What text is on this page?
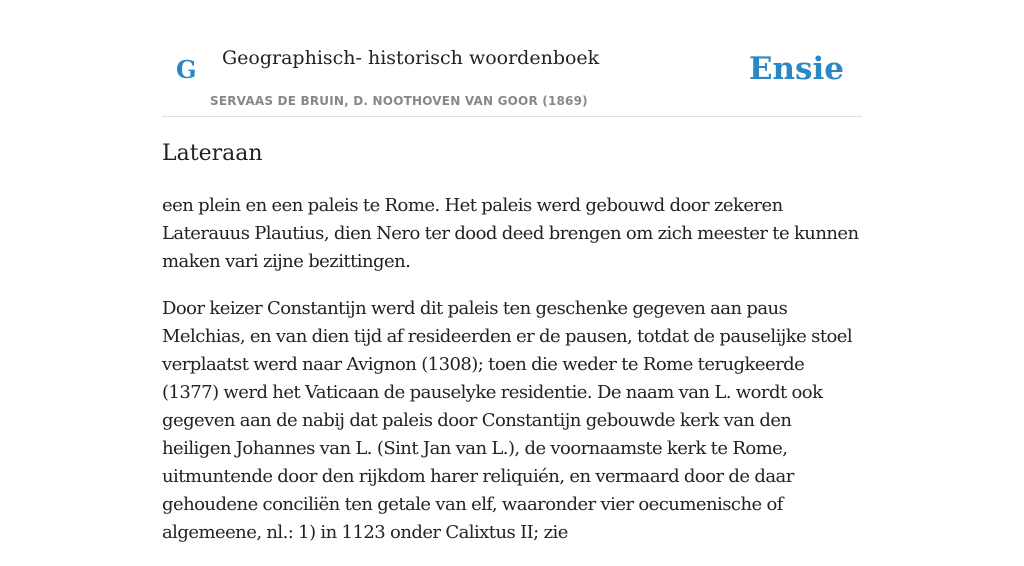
G Geographisch- historisch woordenboek
SERVAAS DE BRUIN, D. NOOTHOVEN VAN GOOR (1869)
Ensie
Lateraan

een plein en een paleis te Rome. Het paleis werd gebouwd door zekeren Laterauus Plautius, dien Nero ter dood deed brengen om zich meester te kunnen maken vari zijne bezittingen.

Door keizer Constantijn werd dit paleis ten geschenke gegeven aan paus Melchias, en van dien tijd af resideerden er de pausen, totdat de pauselijke stoel verplaatst werd naar Avignon (1308); toen die weder te Rome terugkeerde (1377) werd het Vaticaan de pauselyke residentie. De naam van L. wordt ook gegeven aan de nabij dat paleis door Constantijn gebouwde kerk van den heiligen Johannes van L. (Sint Jan van L.), de voornaamste kerk te Rome, uitmuntende door den rijkdom harer reliquién, en vermaard door de daar gehoudene conciliën ten getale van elf, waaronder vier oecumenische of algemeene, nl.: 1) in 1123 onder Calixtus II; zie
